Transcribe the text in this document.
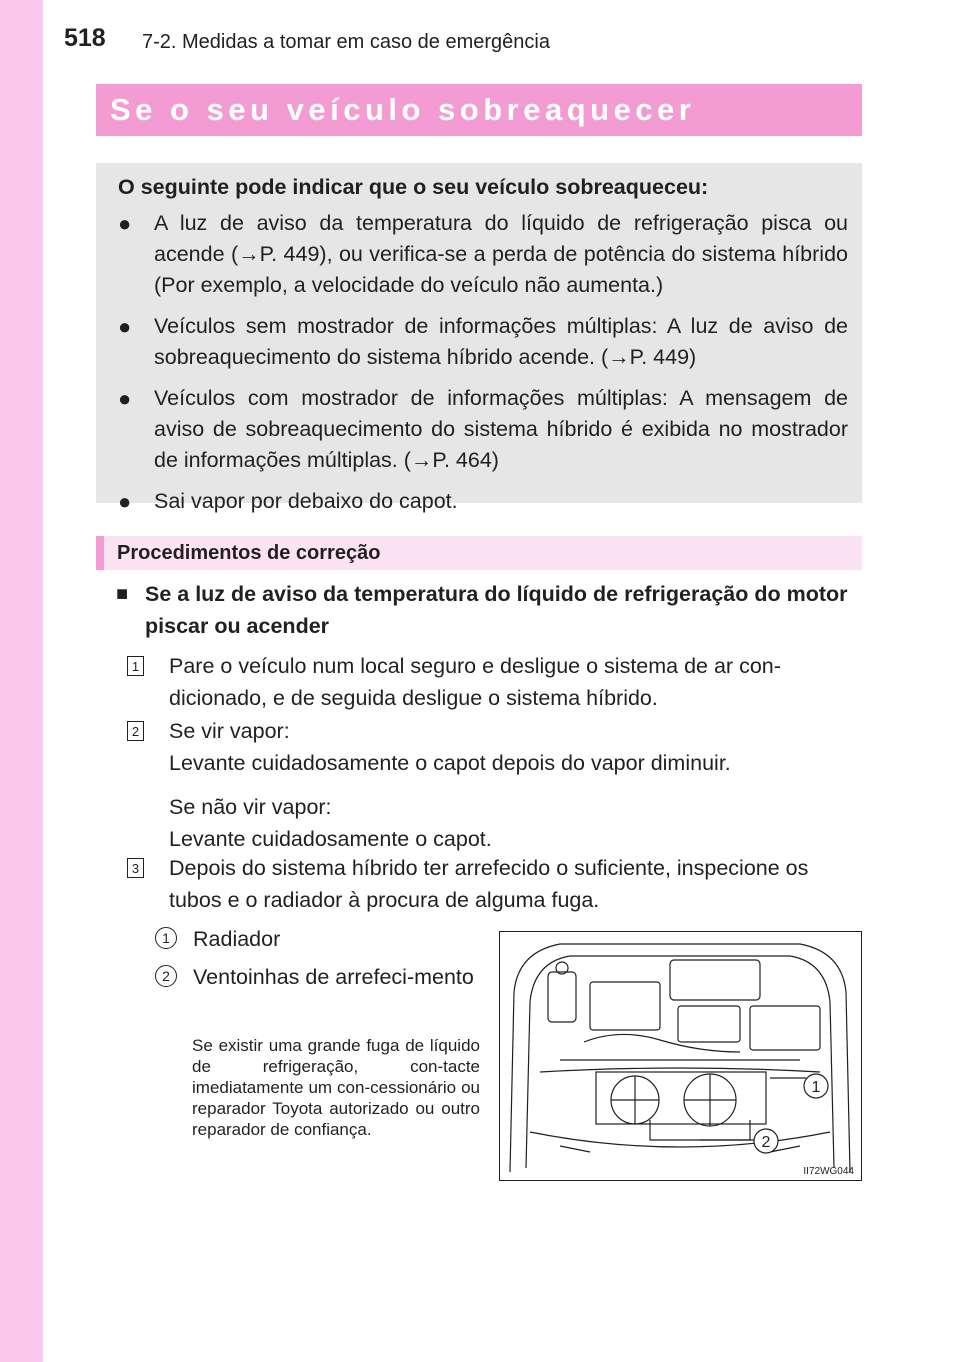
518 7-2. Medidas a tomar em caso de emergência
Se o seu veículo sobreaquecer
O seguinte pode indicar que o seu veículo sobreaqueceu:
●	A luz de aviso da temperatura do líquido de refrigeração pisca ou acende (→P. 449), ou verifica-se a perda de potência do sistema híbrido (Por exemplo, a velocidade do veículo não aumenta.)
●	Veículos sem mostrador de informações múltiplas: A luz de aviso de sobreaquecimento do sistema híbrido acende. (→P. 449)
●	Veículos com mostrador de informações múltiplas: A mensagem de aviso de sobreaquecimento do sistema híbrido é exibida no mostrador de informações múltiplas. (→P. 464)
●	Sai vapor por debaixo do capot.
Procedimentos de correção
■ Se a luz de aviso da temperatura do líquido de refrigeração do motor piscar ou acender
1 Pare o veículo num local seguro e desligue o sistema de ar con-dicionado, e de seguida desligue o sistema híbrido.
2 Se vir vapor:
Levante cuidadosamente o capot depois do vapor diminuir.
Se não vir vapor:
Levante cuidadosamente o capot.
3 Depois do sistema híbrido ter arrefecido o suficiente, inspecione os tubos e o radiador à procura de alguma fuga.
1	Radiador
2	Ventoinhas de arrefeci-mento
Se existir uma grande fuga de líquido de refrigeração, con-tacte imediatamente um con-cessionário ou reparador Toyota autorizado ou outro reparador de confiança.
1
2
II72WG044
